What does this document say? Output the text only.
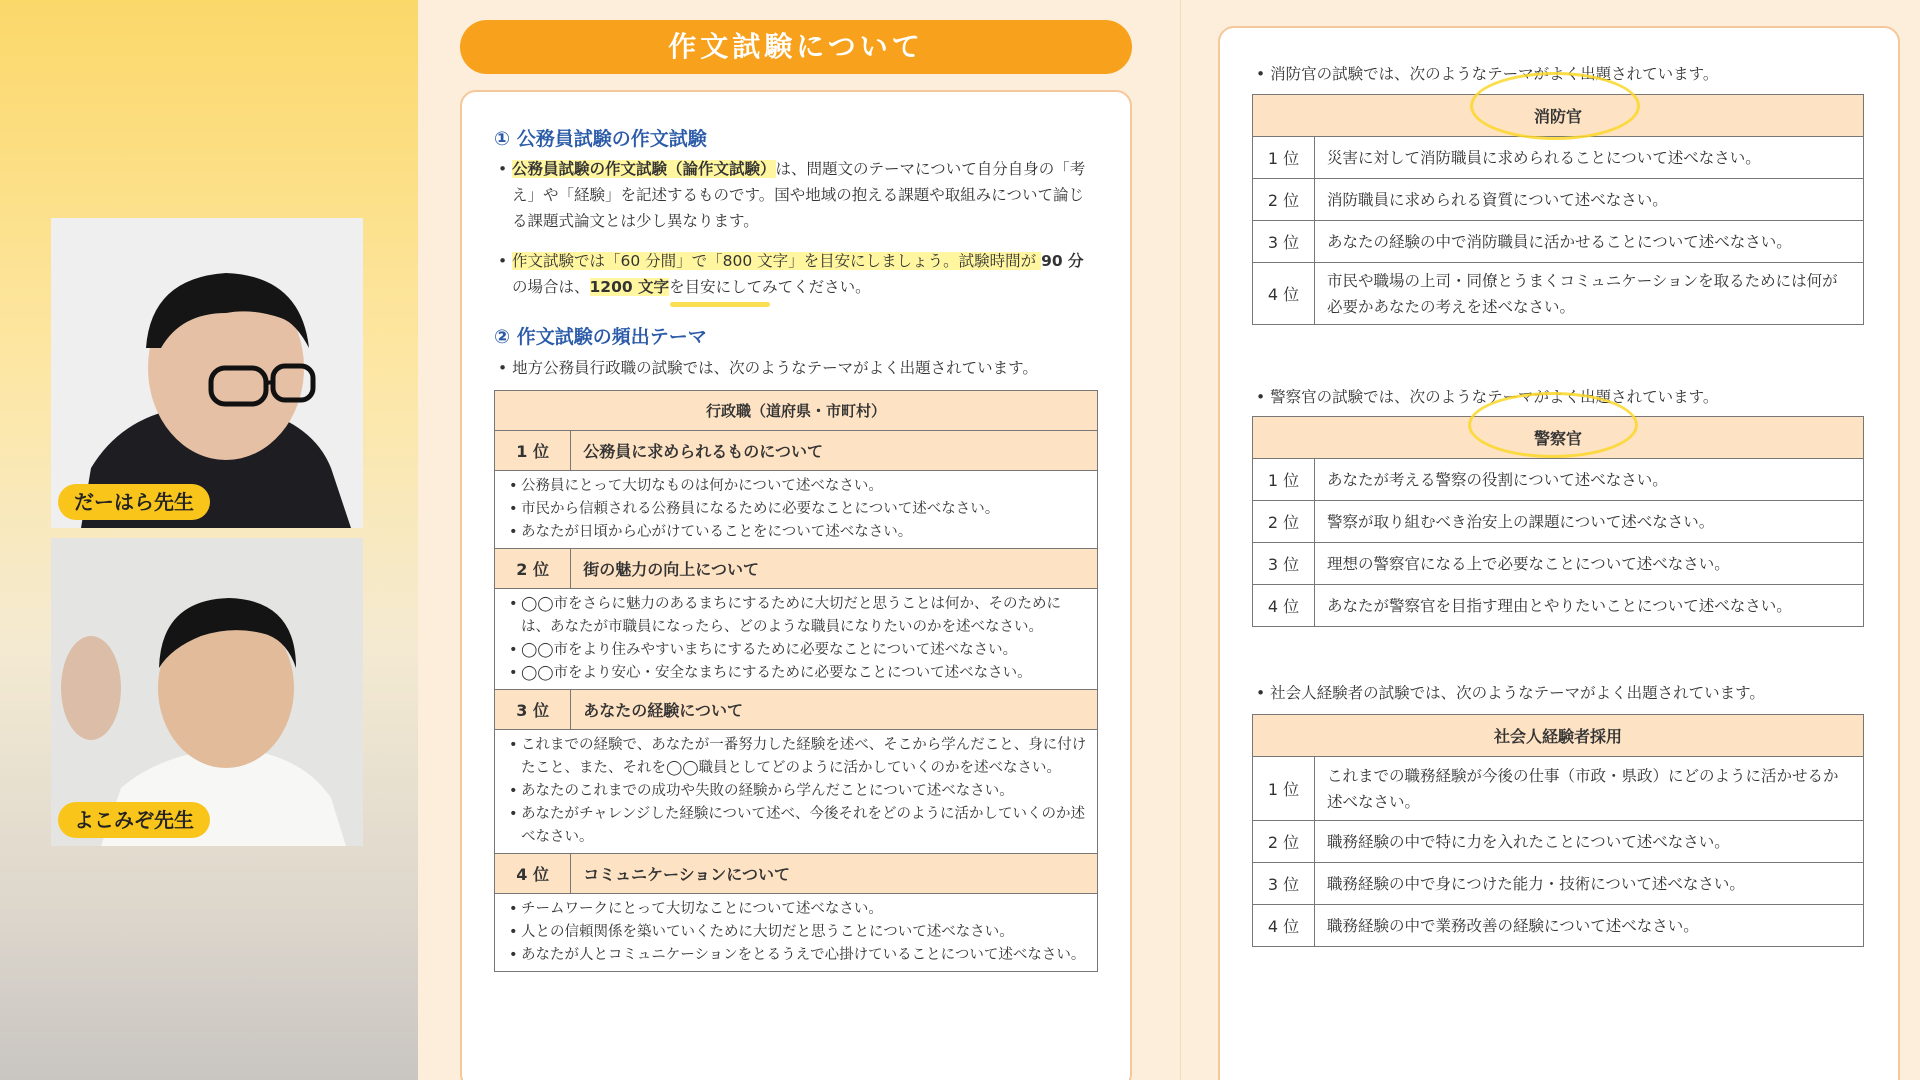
だーはら先生
よこみぞ先生
作文試験について
① 公務員試験の作文試験
• 公務員試験の作文試験（論作文試験）は、問題文のテーマについて自分自身の「考え」や「経験」を記述するものです。国や地域の抱える課題や取組みについて論じる課題式論文とは少し異なります。
• 作文試験では「60 分間」で「800 文字」を目安にしましょう。試験時間が 90 分の場合は、1200 文字を目安にしてみてください。
② 作文試験の頻出テーマ
• 地方公務員行政職の試験では、次のようなテーマがよく出題されています。
行政職（道府県・市町村）	
1 位	公務員に求められるものについて

• 公務員にとって大切なものは何かについて述べなさい。
• 市民から信頼される公務員になるために必要なことについて述べなさい。
• あなたが日頃から心がけていることをについて述べなさい。

2 位	街の魅力の向上について

• ◯◯市をさらに魅力のあるまちにするために大切だと思うことは何か、そのためには、あなたが市職員になったら、どのような職員になりたいのかを述べなさい。
• ◯◯市をより住みやすいまちにするために必要なことについて述べなさい。
• ◯◯市をより安心・安全なまちにするために必要なことについて述べなさい。

3 位	あなたの経験について

• これまでの経験で、あなたが一番努力した経験を述べ、そこから学んだこと、身に付けたこと、また、それを◯◯職員としてどのように活かしていくのかを述べなさい。
• あなたのこれまでの成功や失敗の経験から学んだことについて述べなさい。
• あなたがチャレンジした経験について述べ、今後それをどのように活かしていくのか述べなさい。

4 位	コミュニケーションについて

• チームワークにとって大切なことについて述べなさい。
• 人との信頼関係を築いていくために大切だと思うことについて述べなさい。
• あなたが人とコミュニケーションをとるうえで心掛けていることについて述べなさい。
• 消防官の試験では、次のようなテーマがよく出題されています。
消防官	
1 位	災害に対して消防職員に求められることについて述べなさい。
2 位	消防職員に求められる資質について述べなさい。
3 位	あなたの経験の中で消防職員に活かせることについて述べなさい。
4 位	市民や職場の上司・同僚とうまくコミュニケーションを取るためには何が必要かあなたの考えを述べなさい。
• 警察官の試験では、次のようなテーマがよく出題されています。
警察官	
1 位	あなたが考える警察の役割について述べなさい。
2 位	警察が取り組むべき治安上の課題について述べなさい。
3 位	理想の警察官になる上で必要なことについて述べなさい。
4 位	あなたが警察官を目指す理由とやりたいことについて述べなさい。
• 社会人経験者の試験では、次のようなテーマがよく出題されています。
社会人経験者採用	
1 位	これまでの職務経験が今後の仕事（市政・県政）にどのように活かせるか述べなさい。
2 位	職務経験の中で特に力を入れたことについて述べなさい。
3 位	職務経験の中で身につけた能力・技術について述べなさい。
4 位	職務経験の中で業務改善の経験について述べなさい。
